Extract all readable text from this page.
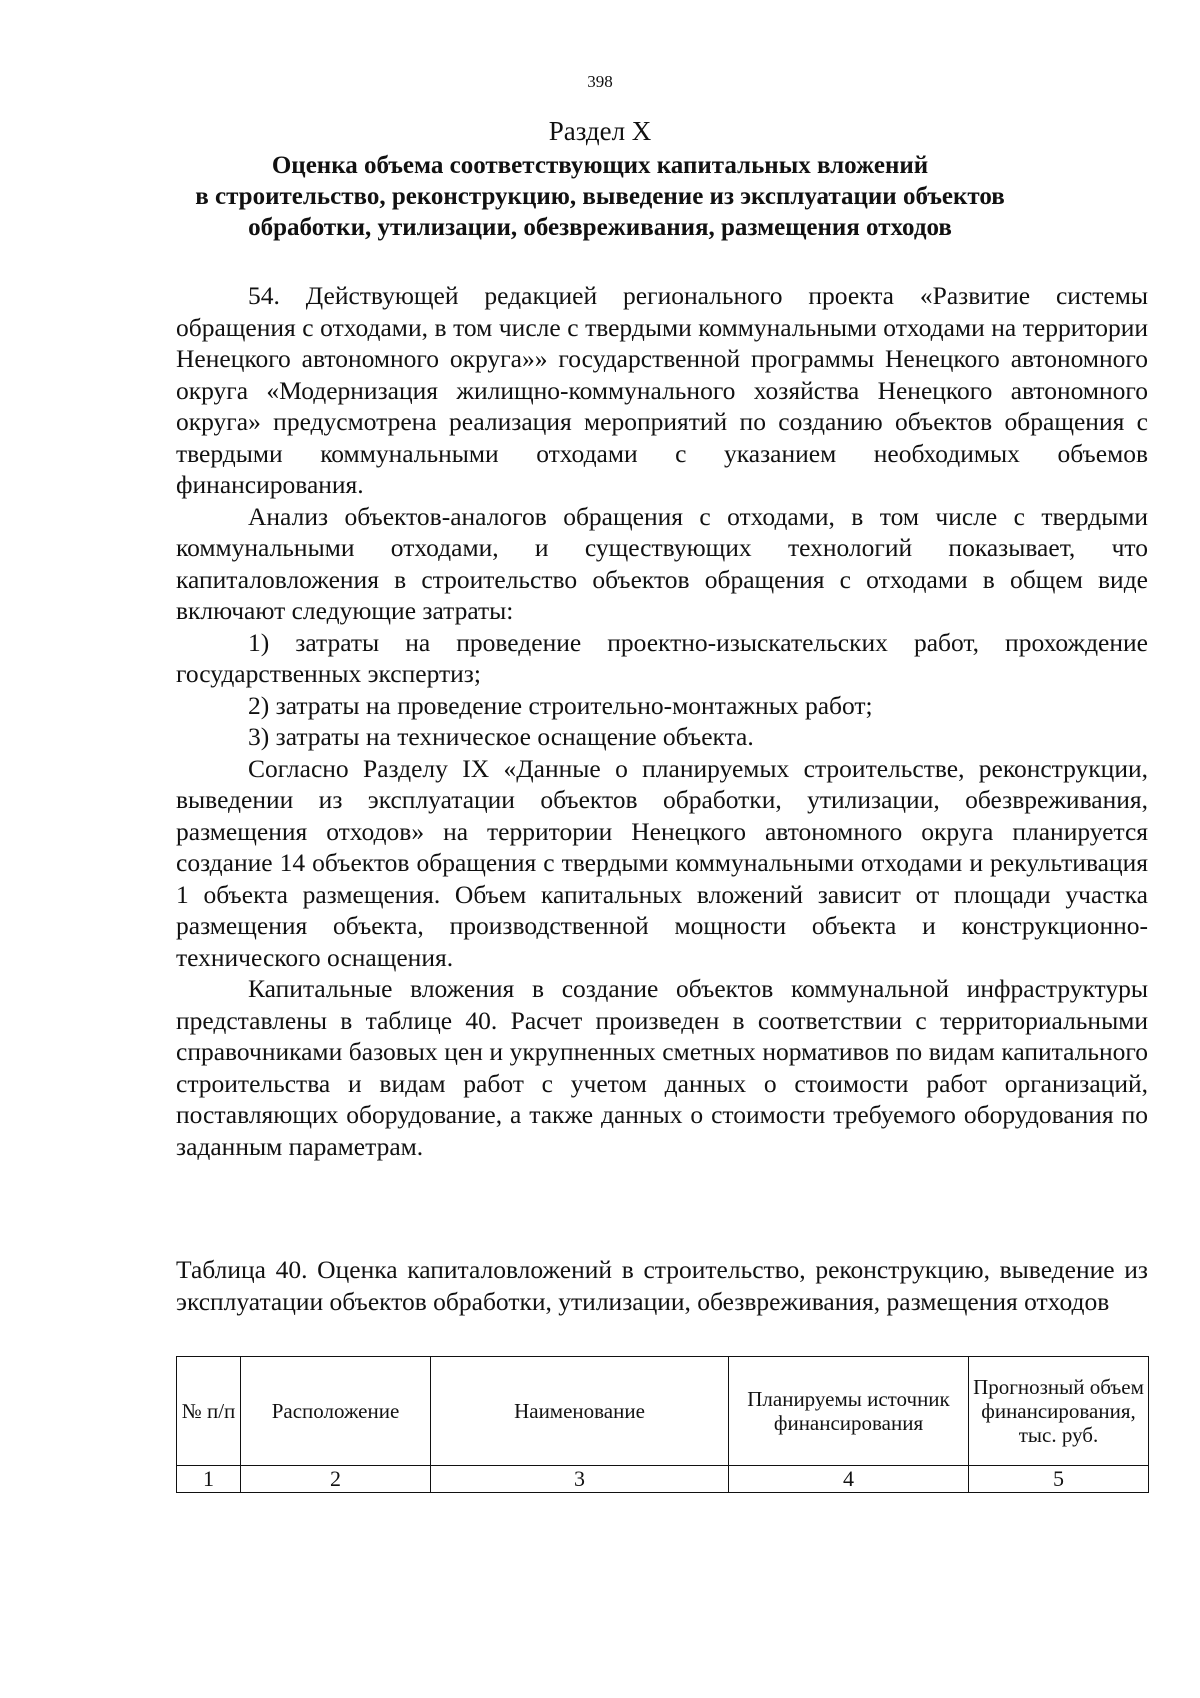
398
Раздел X
Оценка объема соответствующих капитальных вложений
в строительство, реконструкцию, выведение из эксплуатации объектов
обработки, утилизации, обезвреживания, размещения отходов

54. Действующей редакцией регионального проекта «Развитие системы обращения с отходами, в том числе с твердыми коммунальными отходами на территории Ненецкого автономного округа»» государственной программы Ненецкого автономного округа «Модернизация жилищно-коммунального хозяйства Ненецкого автономного округа» предусмотрена реализация мероприятий по созданию объектов обращения с твердыми коммунальными отходами с указанием необходимых объемов финансирования.

Анализ объектов-аналогов обращения с отходами, в том числе с твердыми коммунальными отходами, и существующих технологий показывает, что капиталовложения в строительство объектов обращения с отходами в общем виде включают следующие затраты:

1) затраты на проведение проектно-изыскательских работ, прохождение государственных экспертиз;

2) затраты на проведение строительно-монтажных работ;

3) затраты на техническое оснащение объекта.

Согласно Разделу IX «Данные о планируемых строительстве, реконструкции, выведении из эксплуатации объектов обработки, утилизации, обезвреживания, размещения отходов» на территории Ненецкого автономного округа планируется создание 14 объектов обращения с твердыми коммунальными отходами и рекультивация 1 объекта размещения. Объем капитальных вложений зависит от площади участка размещения объекта, производственной мощности объекта и конструкционно-технического оснащения.

Капитальные вложения в создание объектов коммунальной инфраструктуры представлены в таблице 40. Расчет произведен в соответствии с территориальными справочниками базовых цен и укрупненных сметных нормативов по видам капитального строительства и видам работ с учетом данных о стоимости работ организаций, поставляющих оборудование, а также данных о стоимости требуемого оборудования по заданным параметрам.

Таблица 40. Оценка капиталовложений в строительство, реконструкцию, выведение из эксплуатации объектов обработки, утилизации, обезвреживания, размещения отходов
№ п/п	Расположение	Наименование	Планируемы источник финансирования	Прогнозный объем финансирования, тыс. руб.
1	2	3	4	5
